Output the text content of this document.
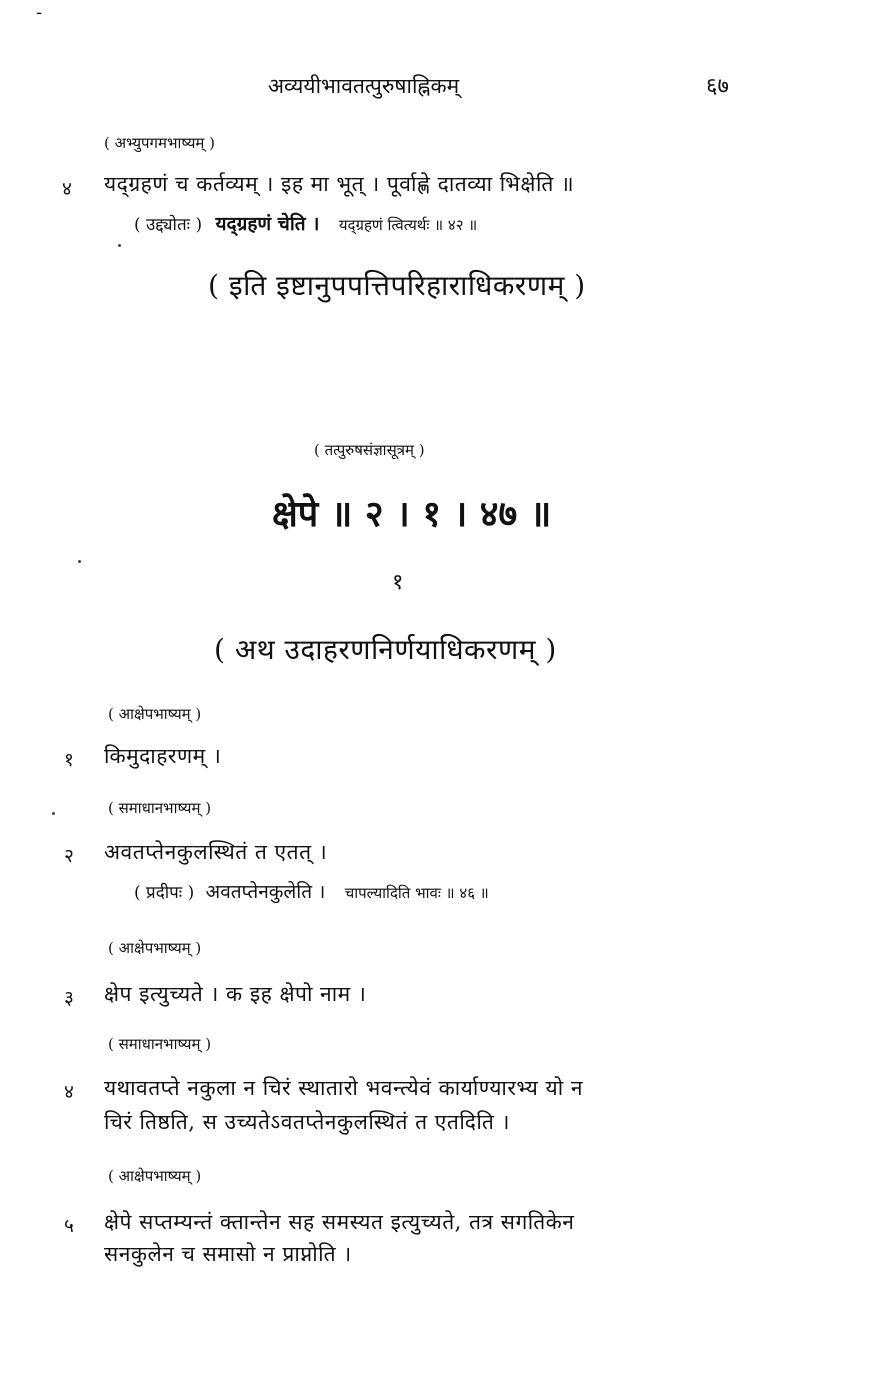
-
अव्ययीभावतत्पुरुषाह्निकम्	६७
( अभ्युपगमभाष्यम् )
४ यद्ग्रहणं च कर्तव्यम् । इह मा भूत् । पूर्वाह्णे दातव्या भिक्षेति ॥
( उद्द्योतः ) यद्ग्रहणं चेति । यद्ग्रहणं त्वित्यर्थः ॥ ४२ ॥
( इति इष्टानुपपत्तिपरिहाराधिकरणम् )
( तत्पुरुषसंज्ञासूत्रम् )
क्षेपे ॥ २ । १ । ४७ ॥
१
( अथ उदाहरणनिर्णयाधिकरणम् )
( आक्षेपभाष्यम् )
१ किमुदाहरणम् ।
( समाधानभाष्यम् )
२ अवतप्तेनकुलस्थितं त एतत् ।
( प्रदीपः ) अवतप्तेनकुलेति । चापल्यादिति भावः ॥ ४६ ॥
( आक्षेपभाष्यम् )
३ क्षेप इत्युच्यते । क इह क्षेपो नाम ।
( समाधानभाष्यम् )
४ यथावतप्ते नकुला न चिरं स्थातारो भवन्त्येवं कार्याण्यारभ्य यो न
चिरं तिष्ठति, स उच्यतेऽवतप्तेनकुलस्थितं त एतदिति ।
( आक्षेपभाष्यम् )
५ क्षेपे सप्तम्यन्तं क्तान्तेन सह समस्यत इत्युच्यते, तत्र सगतिकेन
सनकुलेन च समासो न प्राप्नोति ।
